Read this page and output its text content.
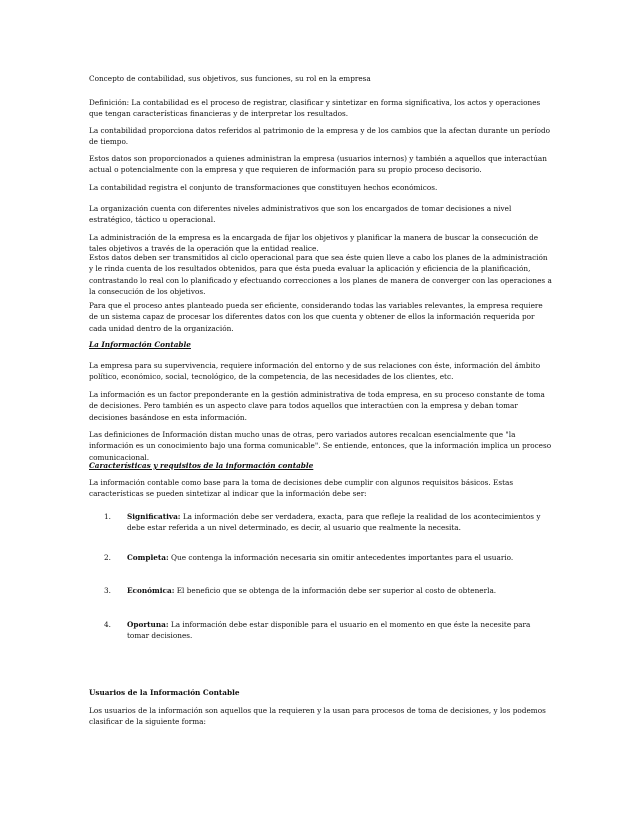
Concepto de contabilidad, sus objetivos, sus funciones, su rol en la empresa

Definición: La contabilidad es el proceso de registrar, clasificar y sintetizar en forma significativa, los actos y operaciones que tengan características financieras y de interpretar los resultados.

La contabilidad proporciona datos referidos al patrimonio de la empresa y de los cambios que la afectan durante un período de tiempo.

Estos datos son proporcionados a quienes administran la empresa (usuarios internos) y también a aquellos que interactúan actual o potencialmente con la empresa y que requieren de información para su propio proceso decisorio.

La contabilidad registra el conjunto de transformaciones que constituyen hechos económicos.

La organización cuenta con diferentes niveles administrativos que son los encargados de tomar decisiones a nivel estratégico, táctico u operacional.

La administración de la empresa es la encargada de fijar los objetivos y planificar la manera de buscar la consecución de tales objetivos a través de la operación que la entidad realice.

Estos datos deben ser transmitidos al ciclo operacional para que sea éste quien lleve a cabo los planes de la administración y le rinda cuenta de los resultados obtenidos, para que ésta pueda evaluar la aplicación y eficiencia de la planificación, contrastando lo real con lo planificado y efectuando correcciones a los planes de manera de converger con las operaciones a la consecución de los objetivos.

Para que el proceso antes planteado pueda ser eficiente, considerando todas las variables relevantes, la empresa requiere de un sistema capaz de procesar los diferentes datos con los que cuenta y obtener de ellos la información requerida por cada unidad dentro de la organización.

La Información Contable

La empresa para su supervivencia, requiere información del entorno y de sus relaciones con éste, información del ámbito político, económico, social, tecnológico, de la competencia, de las necesidades de los clientes, etc.

La información es un factor preponderante en la gestión administrativa de toda empresa, en su proceso constante de toma de decisiones. Pero también es un aspecto clave para todos aquellos que interactúen con la empresa y deban tomar decisiones basándose en esta información.

Las definiciones de Información distan mucho unas de otras, pero variados autores recalcan esencialmente que "la información es un conocimiento bajo una forma comunicable". Se entiende, entonces, que la información implica un proceso comunicacional.

Características y requisitos de la información contable

La información contable como base para la toma de decisiones debe cumplir con algunos requisitos básicos. Estas características se pueden sintetizar al indicar que la información debe ser:

1.	Significativa: La información debe ser verdadera, exacta, para que refleje la realidad de los acontecimientos y debe estar referida a un nivel determinado, es decir, al usuario que realmente la necesita.
2.	Completa: Que contenga la información necesaria sin omitir antecedentes importantes para el usuario.
3.	Económica: El beneficio que se obtenga de la información debe ser superior al costo de obtenerla.
4.	Oportuna: La información debe estar disponible para el usuario en el momento en que éste la necesite para tomar decisiones.

Usuarios de la Información Contable

Los usuarios de la información son aquellos que la requieren y la usan para procesos de toma de decisiones, y los podemos clasificar de la siguiente forma:
